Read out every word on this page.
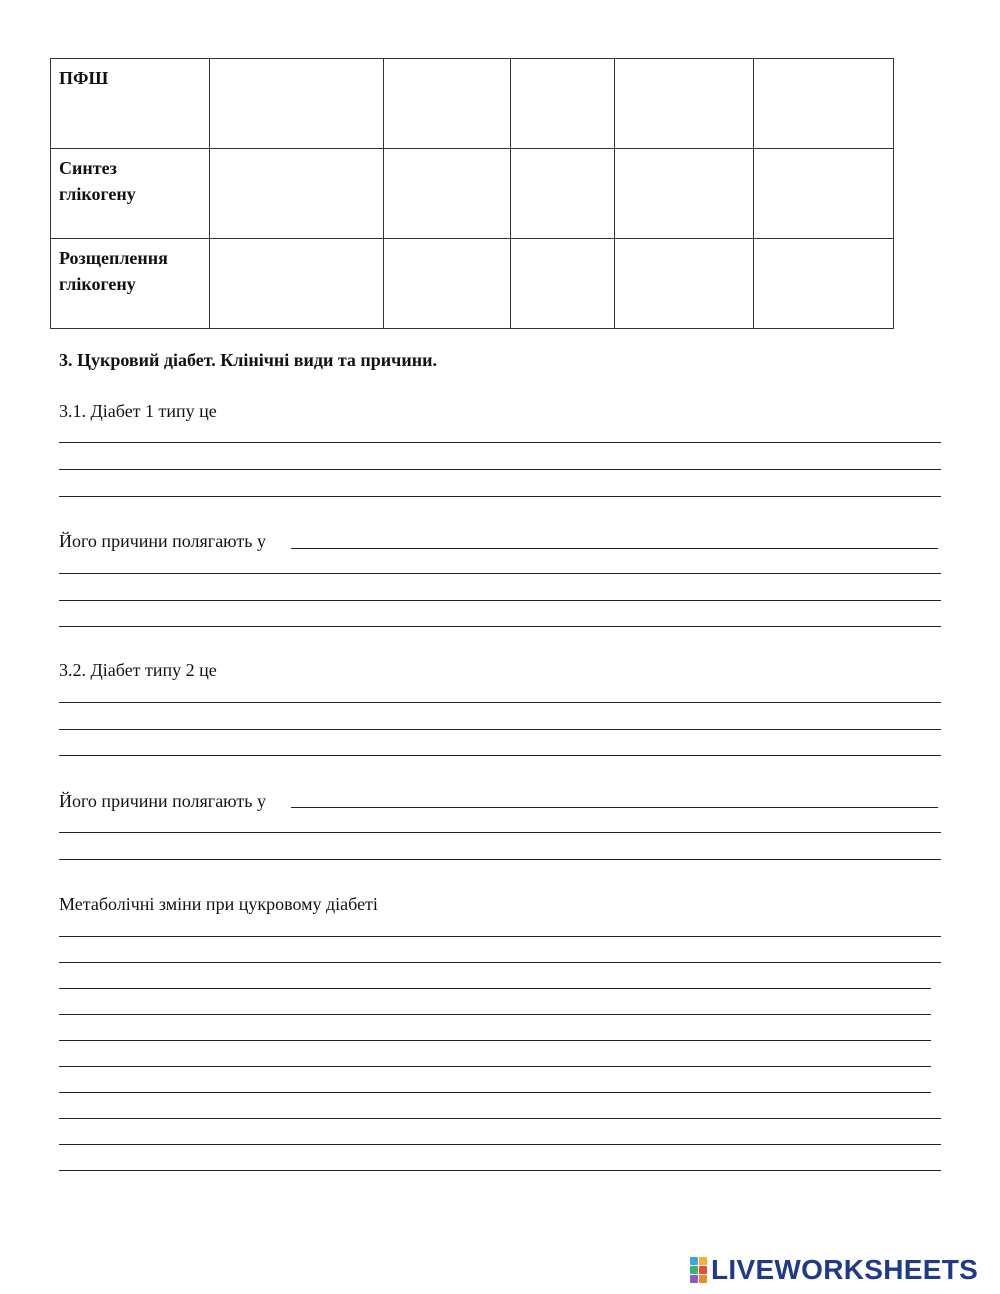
ПФШ					
Синтез
глікогену					
Розщеплення
глікогену					
3. Цукровий діабет. Клінічні види та причини.
3.1. Діабет 1 типу це
Його причини полягають у
3.2. Діабет типу 2 це
Його причини полягають у
Метаболічні зміни при цукровому діабеті
LIVEWORKSHEETS
